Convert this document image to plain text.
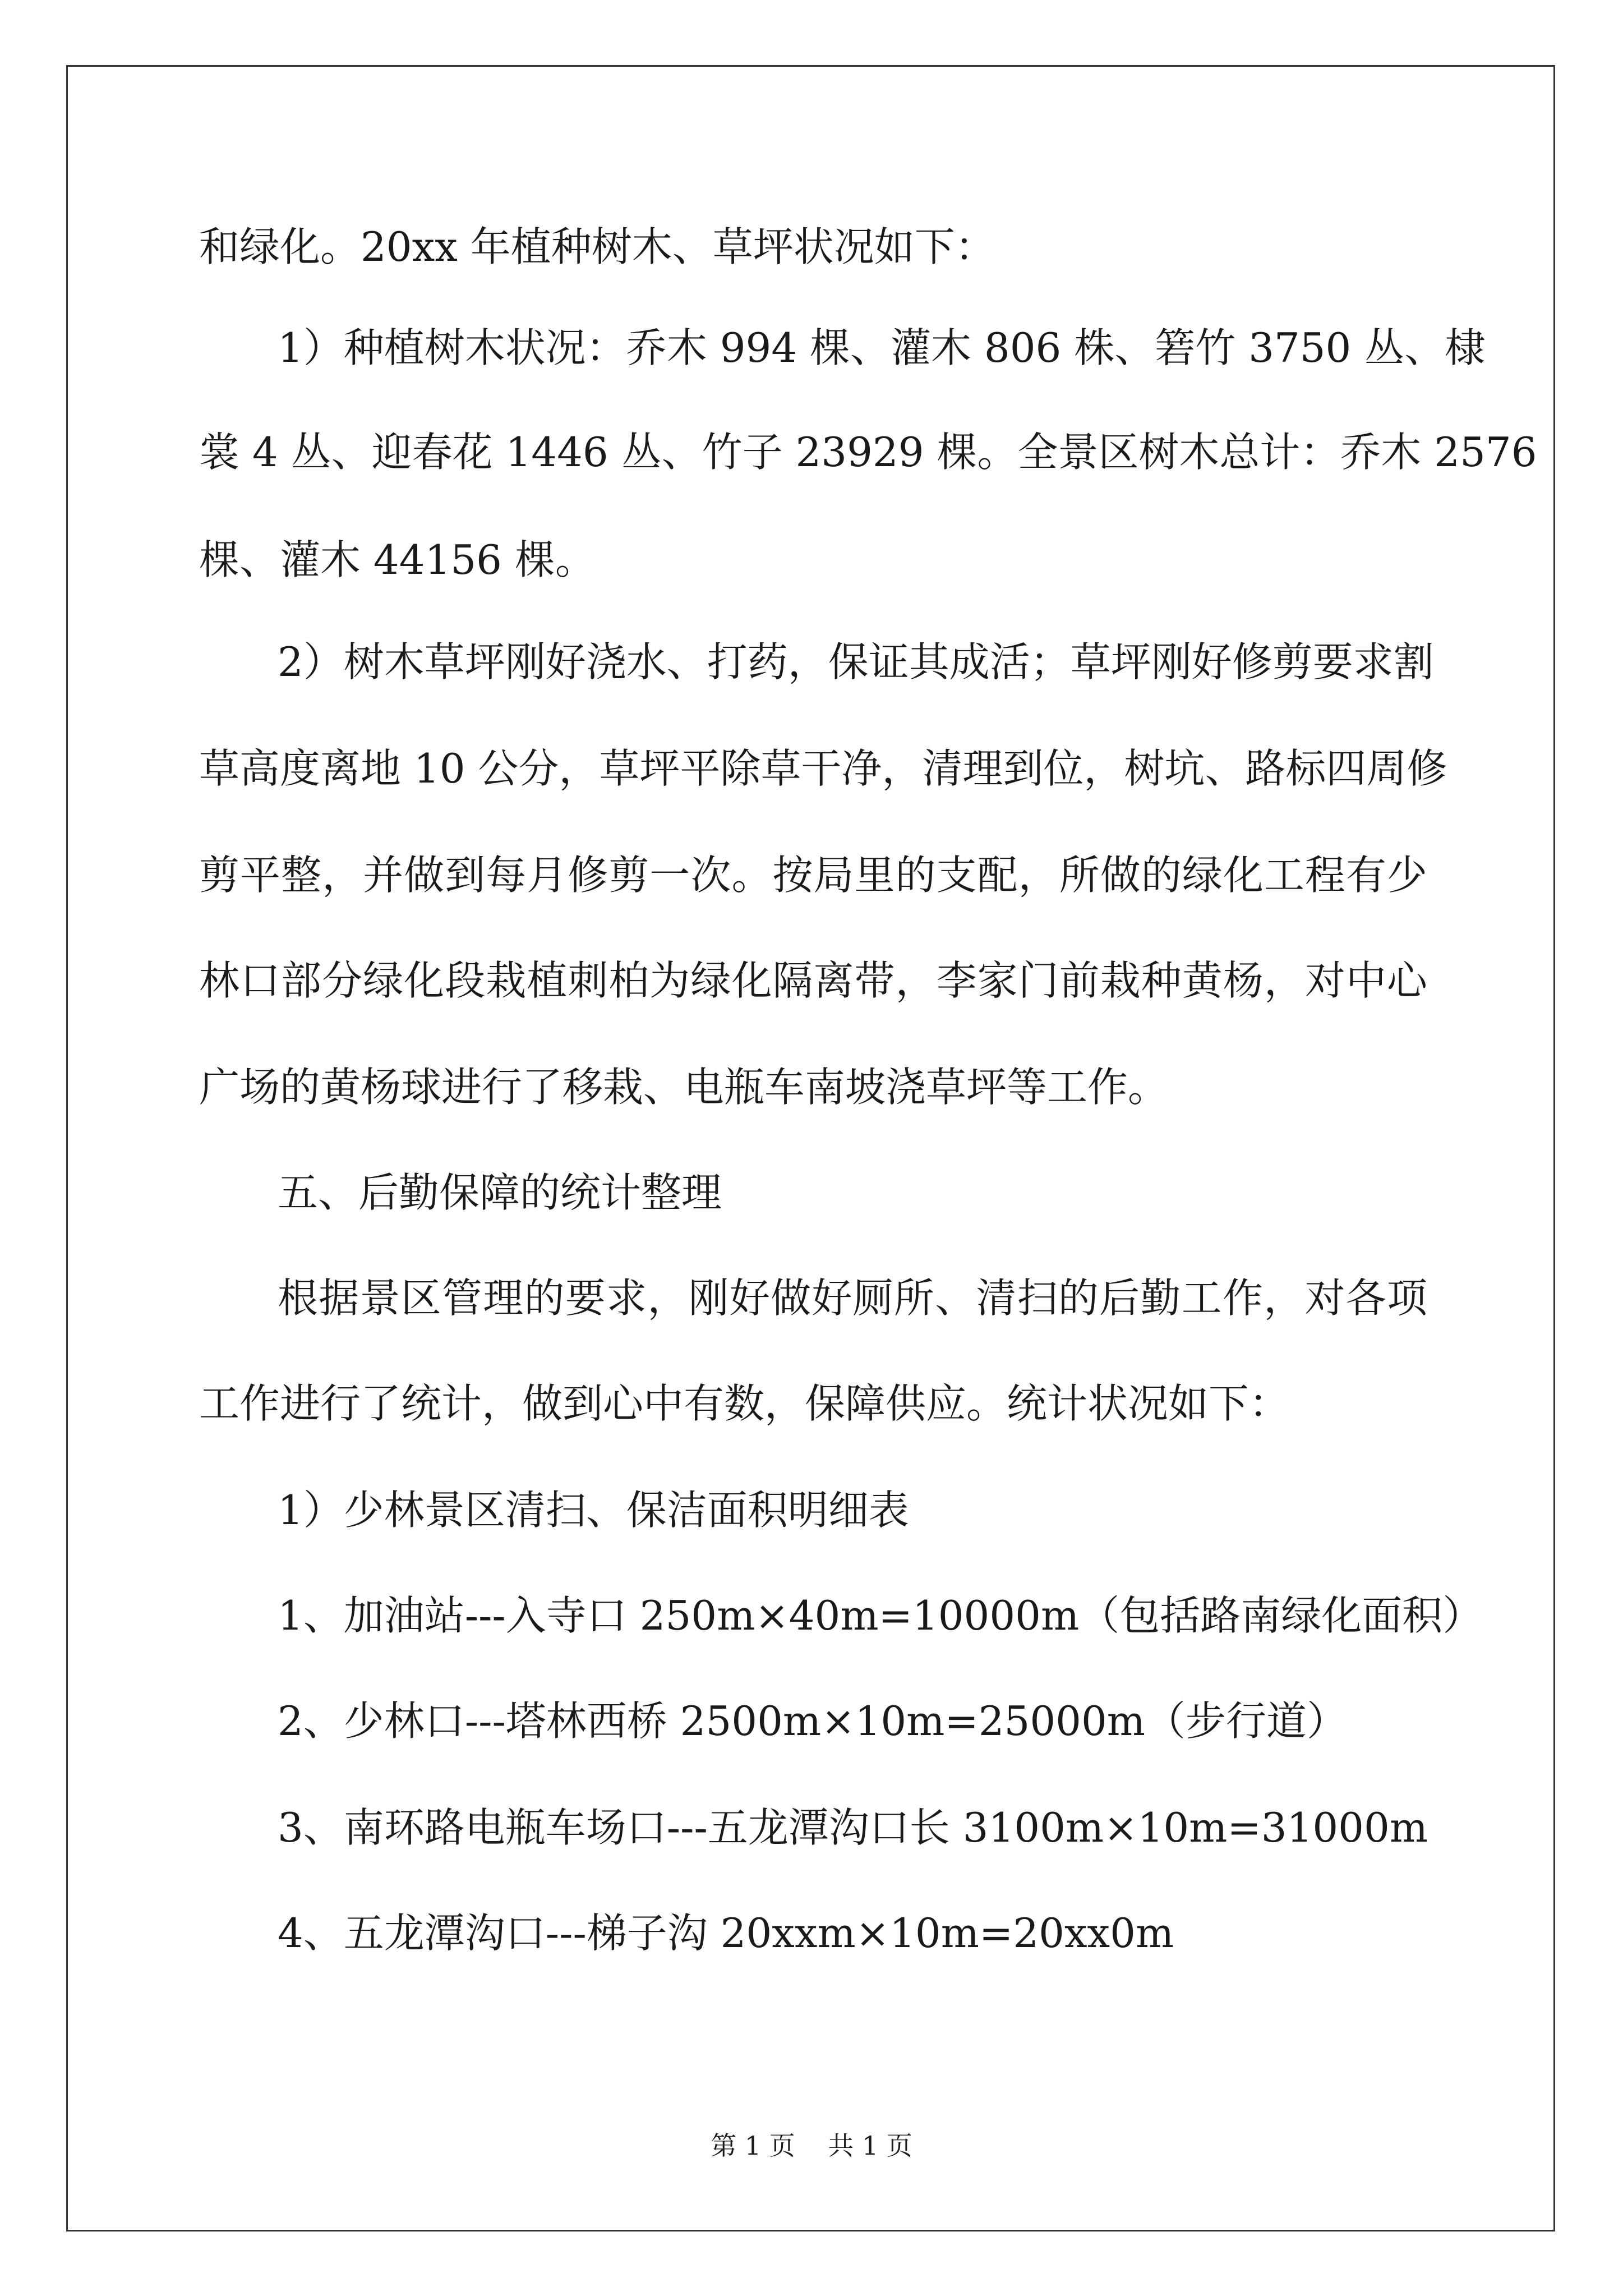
和绿化。20xx 年植种树木、草坪状况如下：
1）种植树木状况：乔木 994 棵、灌木 806 株、箬竹 3750 丛、棣
裳 4 丛、迎春花 1446 丛、竹子 23929 棵。全景区树木总计：乔木 2576
棵、灌木 44156 棵。
2）树木草坪刚好浇水、打药，保证其成活；草坪刚好修剪要求割
草高度离地 10 公分，草坪平除草干净，清理到位，树坑、路标四周修
剪平整，并做到每月修剪一次。按局里的支配，所做的绿化工程有少
林口部分绿化段栽植刺柏为绿化隔离带，李家门前栽种黄杨，对中心
广场的黄杨球进行了移栽、电瓶车南坡浇草坪等工作。
五、后勤保障的统计整理
根据景区管理的要求，刚好做好厕所、清扫的后勤工作，对各项
工作进行了统计，做到心中有数，保障供应。统计状况如下：
1）少林景区清扫、保洁面积明细表
1、加油站---入寺口 250m×40m=10000m（包括路南绿化面积）
2、少林口---塔林西桥 2500m×10m=25000m（步行道）
3、南环路电瓶车场口---五龙潭沟口长 3100m×10m=31000m
4、五龙潭沟口---梯子沟 20xxm×10m=20xx0m
第 1 页    共 1 页
